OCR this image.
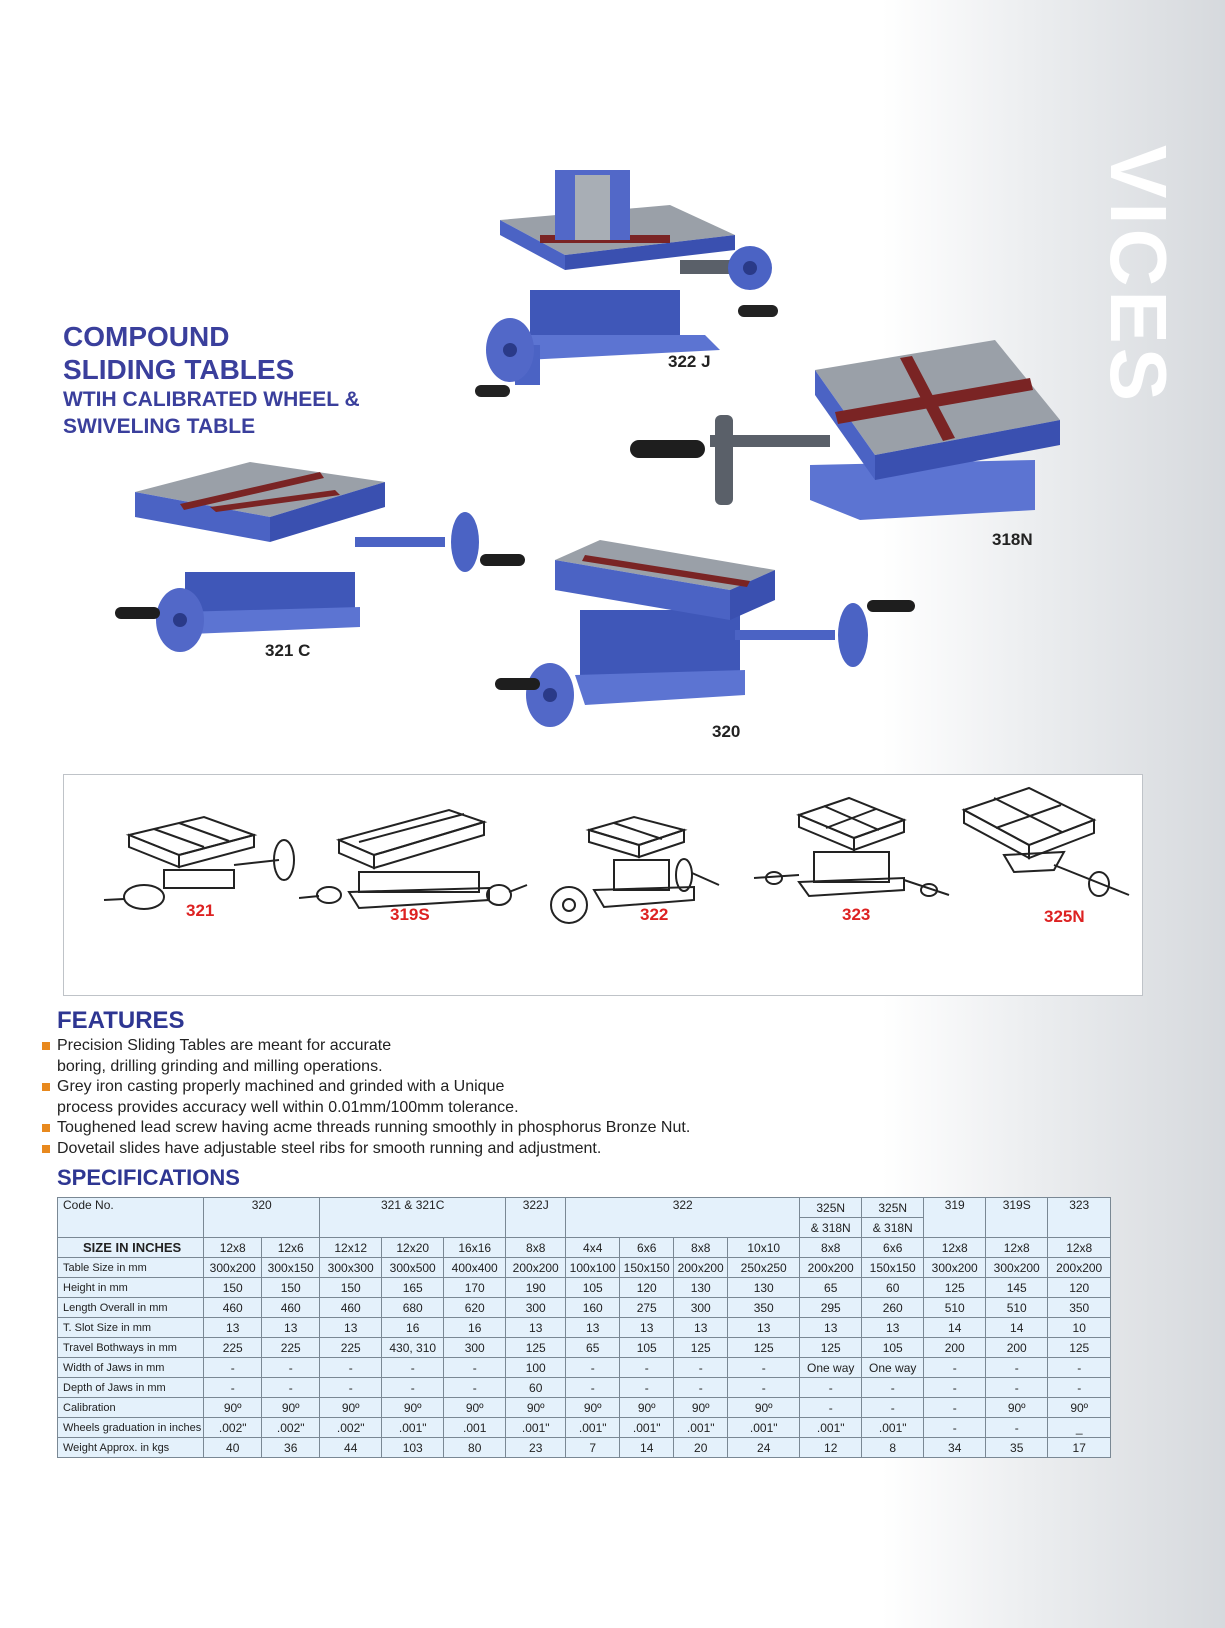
VICES
COMPOUND
SLIDING TABLES
WTIH CALIBRATED WHEEL &
SWIVELING TABLE
322 J
318N
321 C
320
321	319S	322	323	325N
FEATURES
Precision Sliding Tables are meant for accurate
boring, drilling grinding and milling operations.
Grey iron casting properly machined and grinded with a Unique
process provides accuracy well within 0.01mm/100mm tolerance.
Toughened lead screw having acme threads running smoothly in phosphorus Bronze Nut.
Dovetail slides have adjustable steel ribs for smooth running and adjustment.
SPECIFICATIONS
Code No.	320		321 & 321C			322J	322				325N	325N	319	319S	323
											& 318N	& 318N			
SIZE IN INCHES	12x8	12x6	12x12	12x20	16x16	8x8	4x4	6x6	8x8	10x10	8x8	6x6	12x8	12x8	12x8
Table Size in mm	300x200	300x150	300x300	300x500	400x400	200x200	100x100	150x150	200x200	250x250	200x200	150x150	300x200	300x200	200x200
Height in mm	150	150	150	165	170	190	105	120	130	130	65	60	125	145	120
Length Overall in mm	460	460	460	680	620	300	160	275	300	350	295	260	510	510	350
T. Slot Size in mm	13	13	13	16	16	13	13	13	13	13	13	13	14	14	10
Travel Bothways in mm	225	225	225	430, 310	300	125	65	105	125	125	125	105	200	200	125
Width of Jaws in mm	-	-	-	-	-	100	-	-	-	-	One way	One way	-	-	-
Depth of Jaws in mm	-	-	-	-	-	60	-	-	-	-	-	-	-	-	-
Calibration	90º	90º	90º	90º	90º	90º	90º	90º	90º	90º	-	-	-	90º	90º
Wheels graduation in inches	.002"	.002"	.002"	.001"	.001	.001"	.001"	.001"	.001"	.001"	.001"	.001"	-	-	_
Weight Approx. in kgs	40	36	44	103	80	23	7	14	20	24	12	8	34	35	17
